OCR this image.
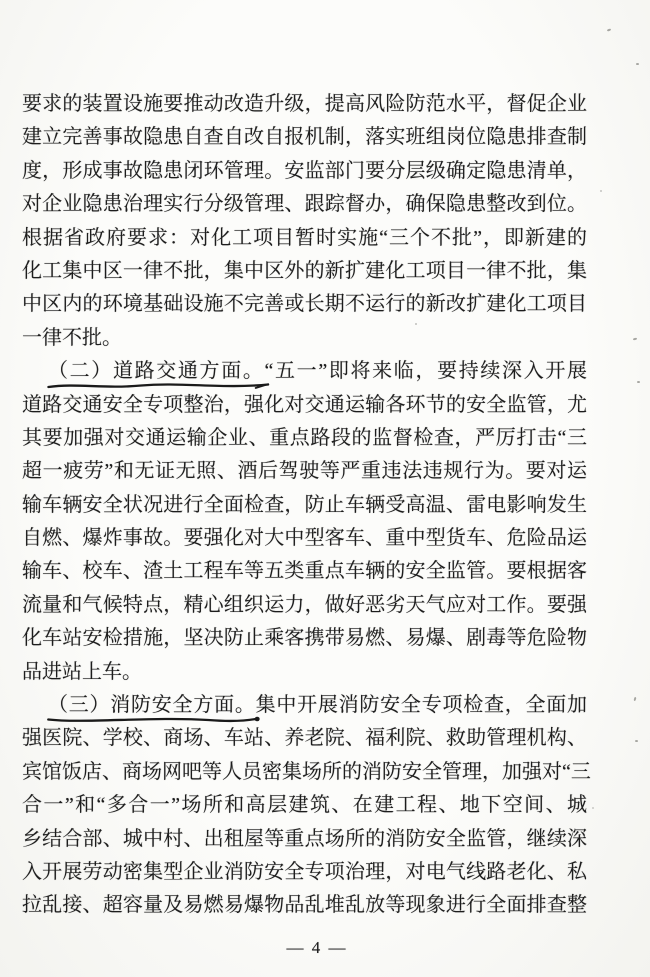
要求的装置设施要推动改造升级，提高风险防范水平，督促企业
建立完善事故隐患自查自改自报机制，落实班组岗位隐患排查制
度，形成事故隐患闭环管理。安监部门要分层级确定隐患清单，
对企业隐患治理实行分级管理、跟踪督办，确保隐患整改到位。
根据省政府要求：对化工项目暂时实施“三个不批”，即新建的
化工集中区一律不批，集中区外的新扩建化工项目一律不批，集
中区内的环境基础设施不完善或长期不运行的新改扩建化工项目
一律不批。
（二）道路交通方面。
“五一”即将来临，要持续深入开展
道路交通安全专项整治，强化对交通运输各环节的安全监管，尤
其要加强对交通运输企业、重点路段的监督检查，严厉打击“三
超一疲劳”和无证无照、酒后驾驶等严重违法违规行为。要对运
输车辆安全状况进行全面检查，防止车辆受高温、雷电影响发生
自燃、爆炸事故。要强化对大中型客车、重中型货车、危险品运
输车、校车、渣土工程车等五类重点车辆的安全监管。要根据客
流量和气候特点，精心组织运力，做好恶劣天气应对工作。要强
化车站安检措施，坚决防止乘客携带易燃、易爆、剧毒等危险物
品进站上车。
（三）消防安全方面。
集中开展消防安全专项检查，全面加
强医院、学校、商场、车站、养老院、福利院、救助管理机构、
宾馆饭店、商场网吧等人员密集场所的消防安全管理，加强对“三
合一”和“多合一”场所和高层建筑、在建工程、地下空间、城
乡结合部、城中村、出租屋等重点场所的消防安全监管，继续深
入开展劳动密集型企业消防安全专项治理，对电气线路老化、私
拉乱接、超容量及易燃易爆物品乱堆乱放等现象进行全面排查整
— 4 —
